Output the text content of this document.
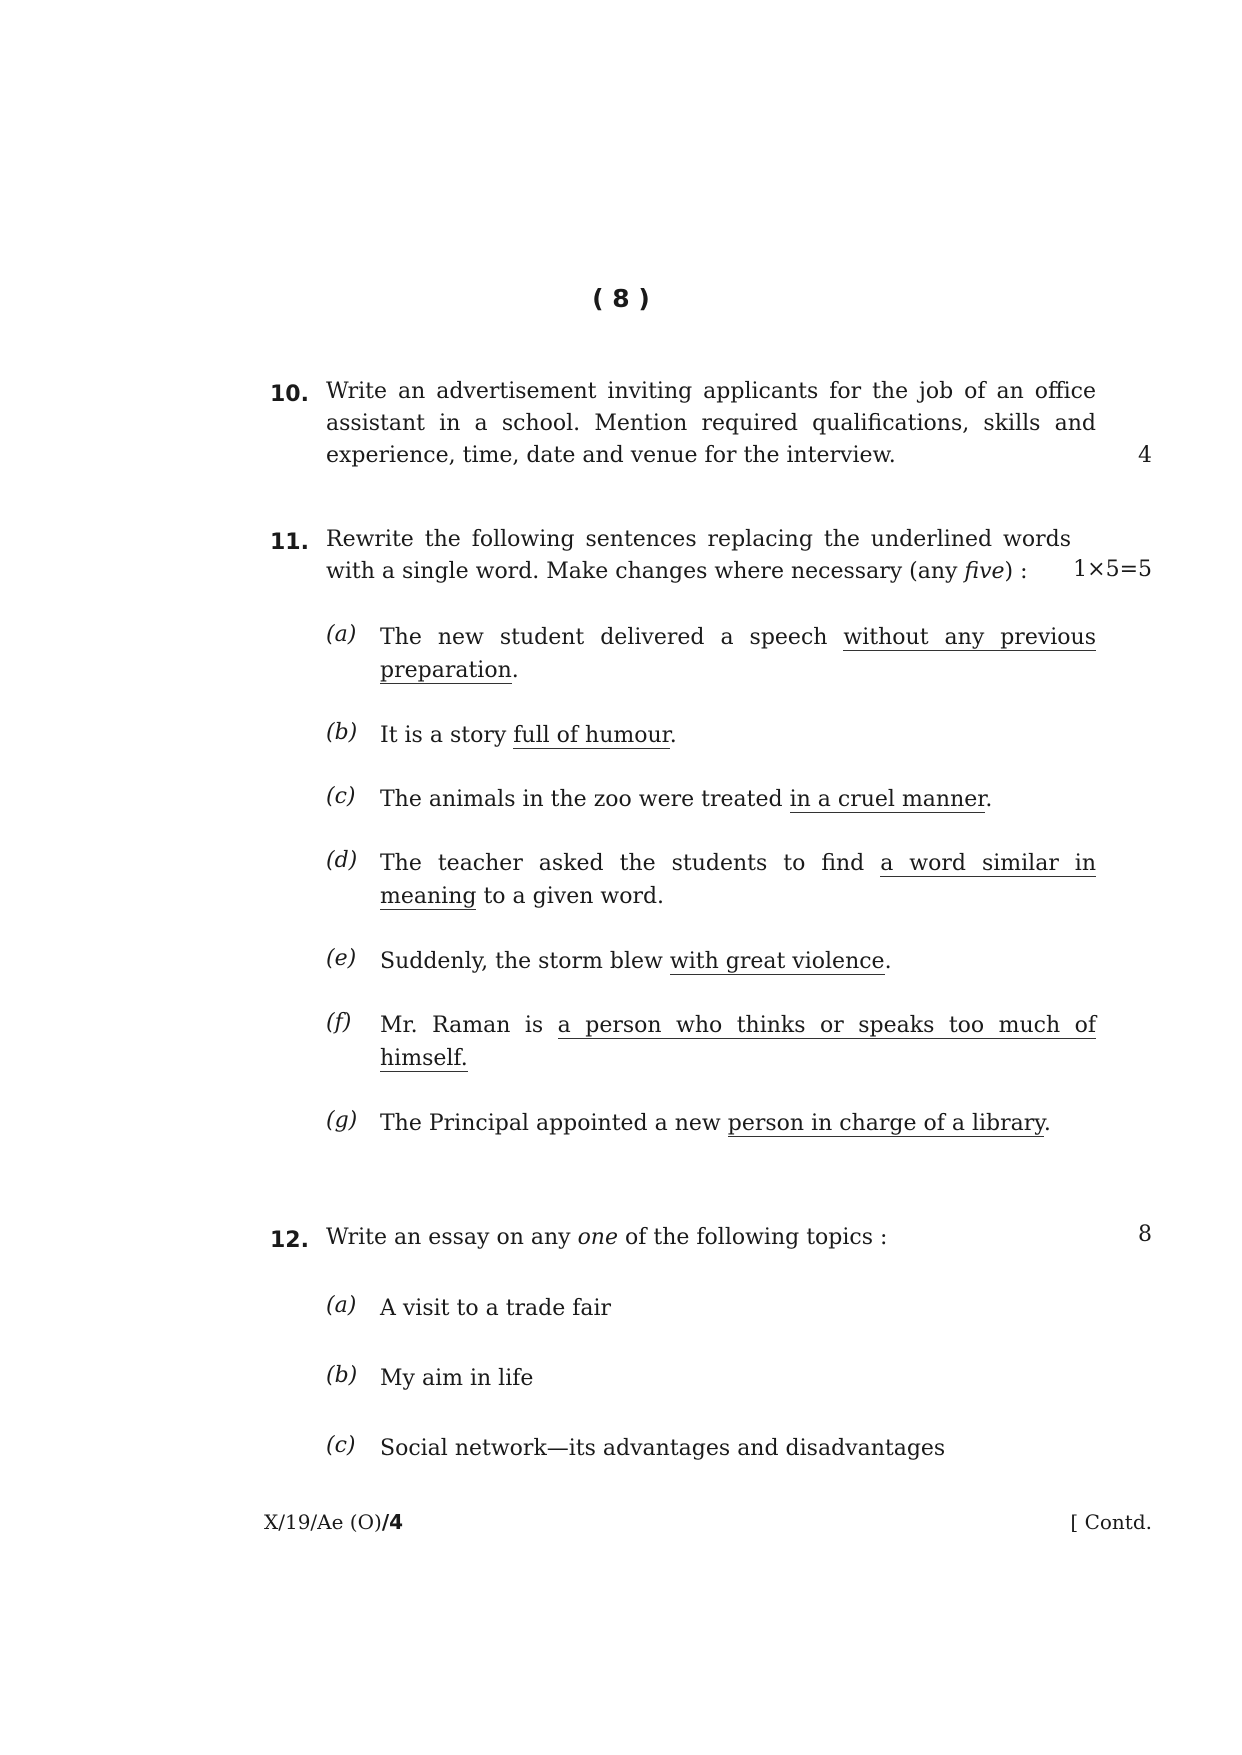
( 8 )
10. Write an advertisement inviting applicants for the job of an office assistant in a school. Mention required qualifications, skills and experience, time, date and venue for the interview.	4
11. Rewrite the following sentences replacing the underlined words with a single word. Make changes where necessary (any five) :	1×5=5
(a) The new student delivered a speech without any previous preparation.
(b) It is a story full of humour.
(c) The animals in the zoo were treated in a cruel manner.
(d) The teacher asked the students to find a word similar in meaning to a given word.
(e) Suddenly, the storm blew with great violence.
(f) Mr. Raman is a person who thinks or speaks too much of himself.
(g) The Principal appointed a new person in charge of a library.
12. Write an essay on any one of the following topics :	8
(a) A visit to a trade fair
(b) My aim in life
(c) Social network—its advantages and disadvantages
X/19/Ae (O)/4	[ Contd.
